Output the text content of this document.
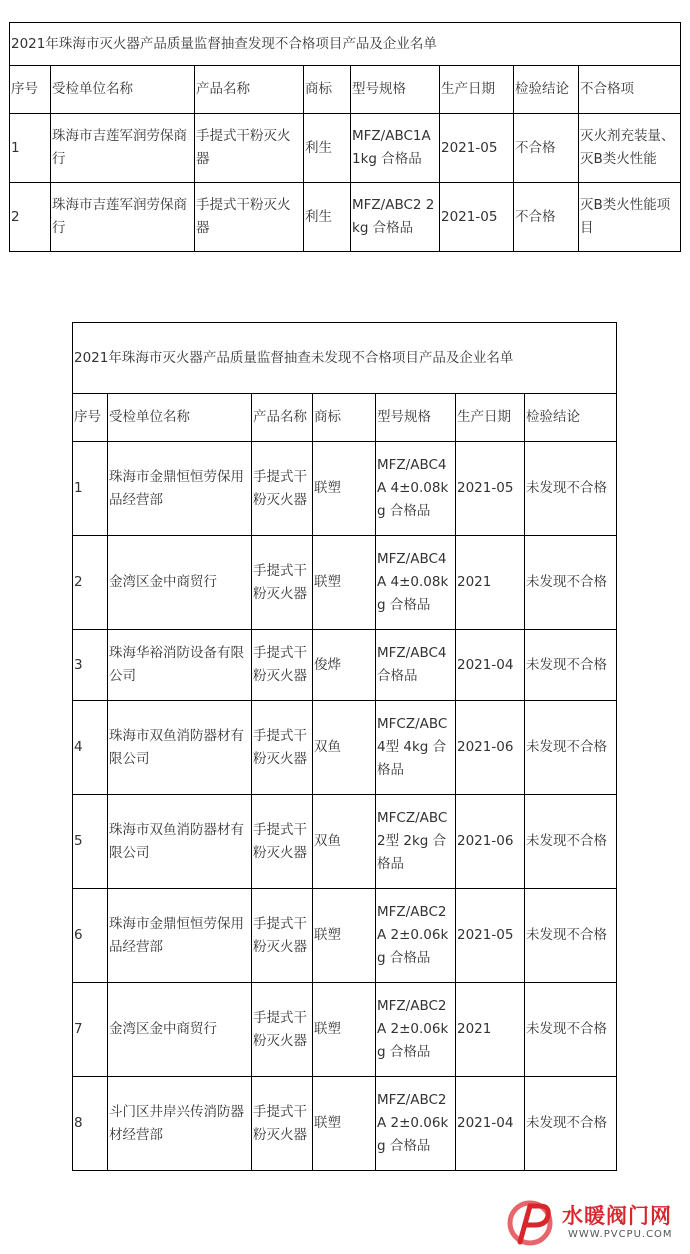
2021年珠海市灭火器产品质量监督抽查发现不合格项目产品及企业名单							
序号	受检单位名称	产品名称	商标	型号规格	生产日期	检验结论	不合格项
1	珠海市吉莲军润劳保商行	手提式干粉灭火器	利生	MFZ/ABC1A 1kg 合格品	2021-05	不合格	灭火剂充装量、灭B类火性能
2	珠海市吉莲军润劳保商行	手提式干粉灭火器	利生	MFZ/ABC2 2kg 合格品	2021-05	不合格	灭B类火性能项目
2021年珠海市灭火器产品质量监督抽查未发现不合格项目产品及企业名单						
序号	受检单位名称	产品名称	商标	型号规格	生产日期	检验结论
1	珠海市金鼎恒恒劳保用品经营部	手提式干粉灭火器	联塑	MFZ/ABC4A 4±0.08kg 合格品	2021-05	未发现不合格
2	金湾区金中商贸行	手提式干粉灭火器	联塑	MFZ/ABC4A 4±0.08kg 合格品	2021	未发现不合格
3	珠海华裕消防设备有限公司	手提式干粉灭火器	俊烨	MFZ/ABC4 合格品	2021-04	未发现不合格
4	珠海市双鱼消防器材有限公司	手提式干粉灭火器	双鱼	MFCZ/ABC 4型 4kg 合格品	2021-06	未发现不合格
5	珠海市双鱼消防器材有限公司	手提式干粉灭火器	双鱼	MFCZ/ABC 2型 2kg 合格品	2021-06	未发现不合格
6	珠海市金鼎恒恒劳保用品经营部	手提式干粉灭火器	联塑	MFZ/ABC2A 2±0.06kg 合格品	2021-05	未发现不合格
7	金湾区金中商贸行	手提式干粉灭火器	联塑	MFZ/ABC2A 2±0.06kg 合格品	2021	未发现不合格
8	斗门区井岸兴传消防器材经营部	手提式干粉灭火器	联塑	MFZ/ABC2A 2±0.06kg 合格品	2021-04	未发现不合格
水暖阀门网
WWW.PVCPU.COM
